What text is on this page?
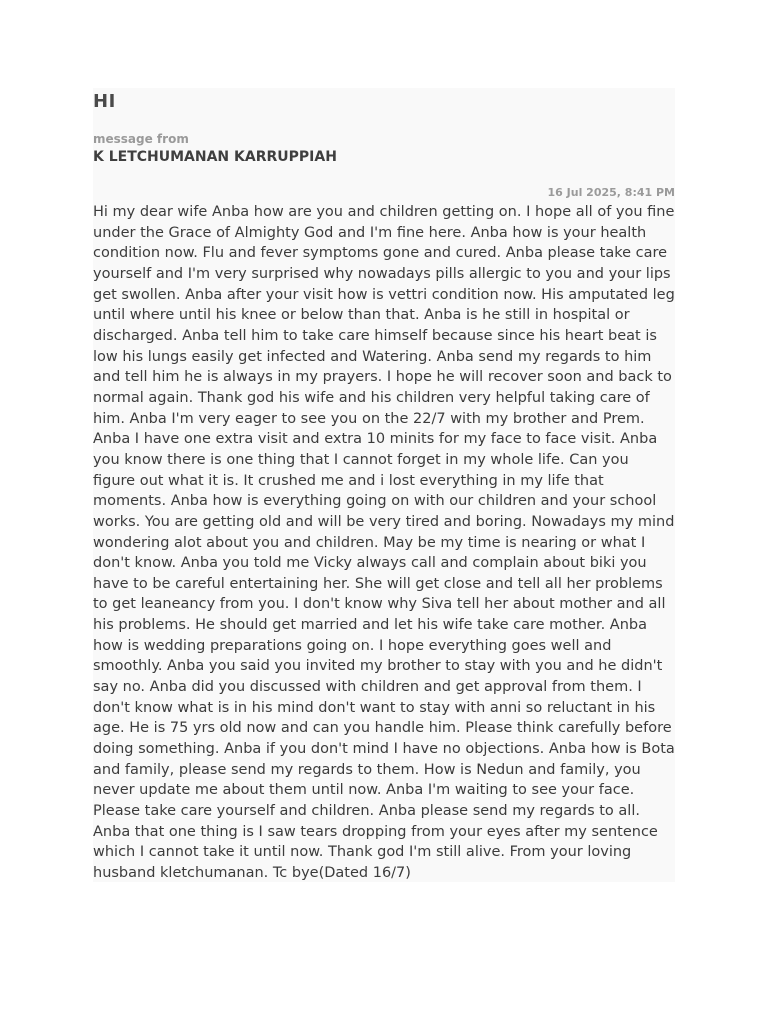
HI
message from
K LETCHUMANAN KARRUPPIAH
16 Jul 2025, 8:41 PM
Hi my dear wife Anba how are you and children getting on. I hope all of you fine under the Grace of Almighty God and I'm fine here. Anba how is your health condition now. Flu and fever symptoms gone and cured. Anba please take care yourself and I'm very surprised why nowadays pills allergic to you and your lips get swollen. Anba after your visit how is vettri condition now. His amputated leg until where until his knee or below than that. Anba is he still in hospital or discharged. Anba tell him to take care himself because since his heart beat is low his lungs easily get infected and Watering. Anba send my regards to him and tell him he is always in my prayers. I hope he will recover soon and back to normal again. Thank god his wife and his children very helpful taking care of him. Anba I'm very eager to see you on the 22/7 with my brother and Prem. Anba I have one extra visit and extra 10 minits for my face to face visit. Anba you know there is one thing that I cannot forget in my whole life. Can you figure out what it is. It crushed me and i lost everything in my life that moments. Anba how is everything going on with our children and your school works. You are getting old and will be very tired and boring. Nowadays my mind wondering alot about you and children. May be my time is nearing or what I don't know. Anba you told me Vicky always call and complain about biki you have to be careful entertaining her. She will get close and tell all her problems to get leaneancy from you. I don't know why Siva tell her about mother and all his problems. He should get married and let his wife take care mother. Anba how is wedding preparations going on. I hope everything goes well and smoothly. Anba you said you invited my brother to stay with you and he didn't say no. Anba did you discussed with children and get approval from them. I don't know what is in his mind don't want to stay with anni so reluctant in his age. He is 75 yrs old now and can you handle him. Please think carefully before doing something. Anba if you don't mind I have no objections. Anba how is Bota and family, please send my regards to them. How is Nedun and family, you never update me about them until now. Anba I'm waiting to see your face. Please take care yourself and children. Anba please send my regards to all. Anba that one thing is I saw tears dropping from your eyes after my sentence which I cannot take it until now. Thank god I'm still alive. From your loving husband kletchumanan. Tc bye(Dated 16/7)
